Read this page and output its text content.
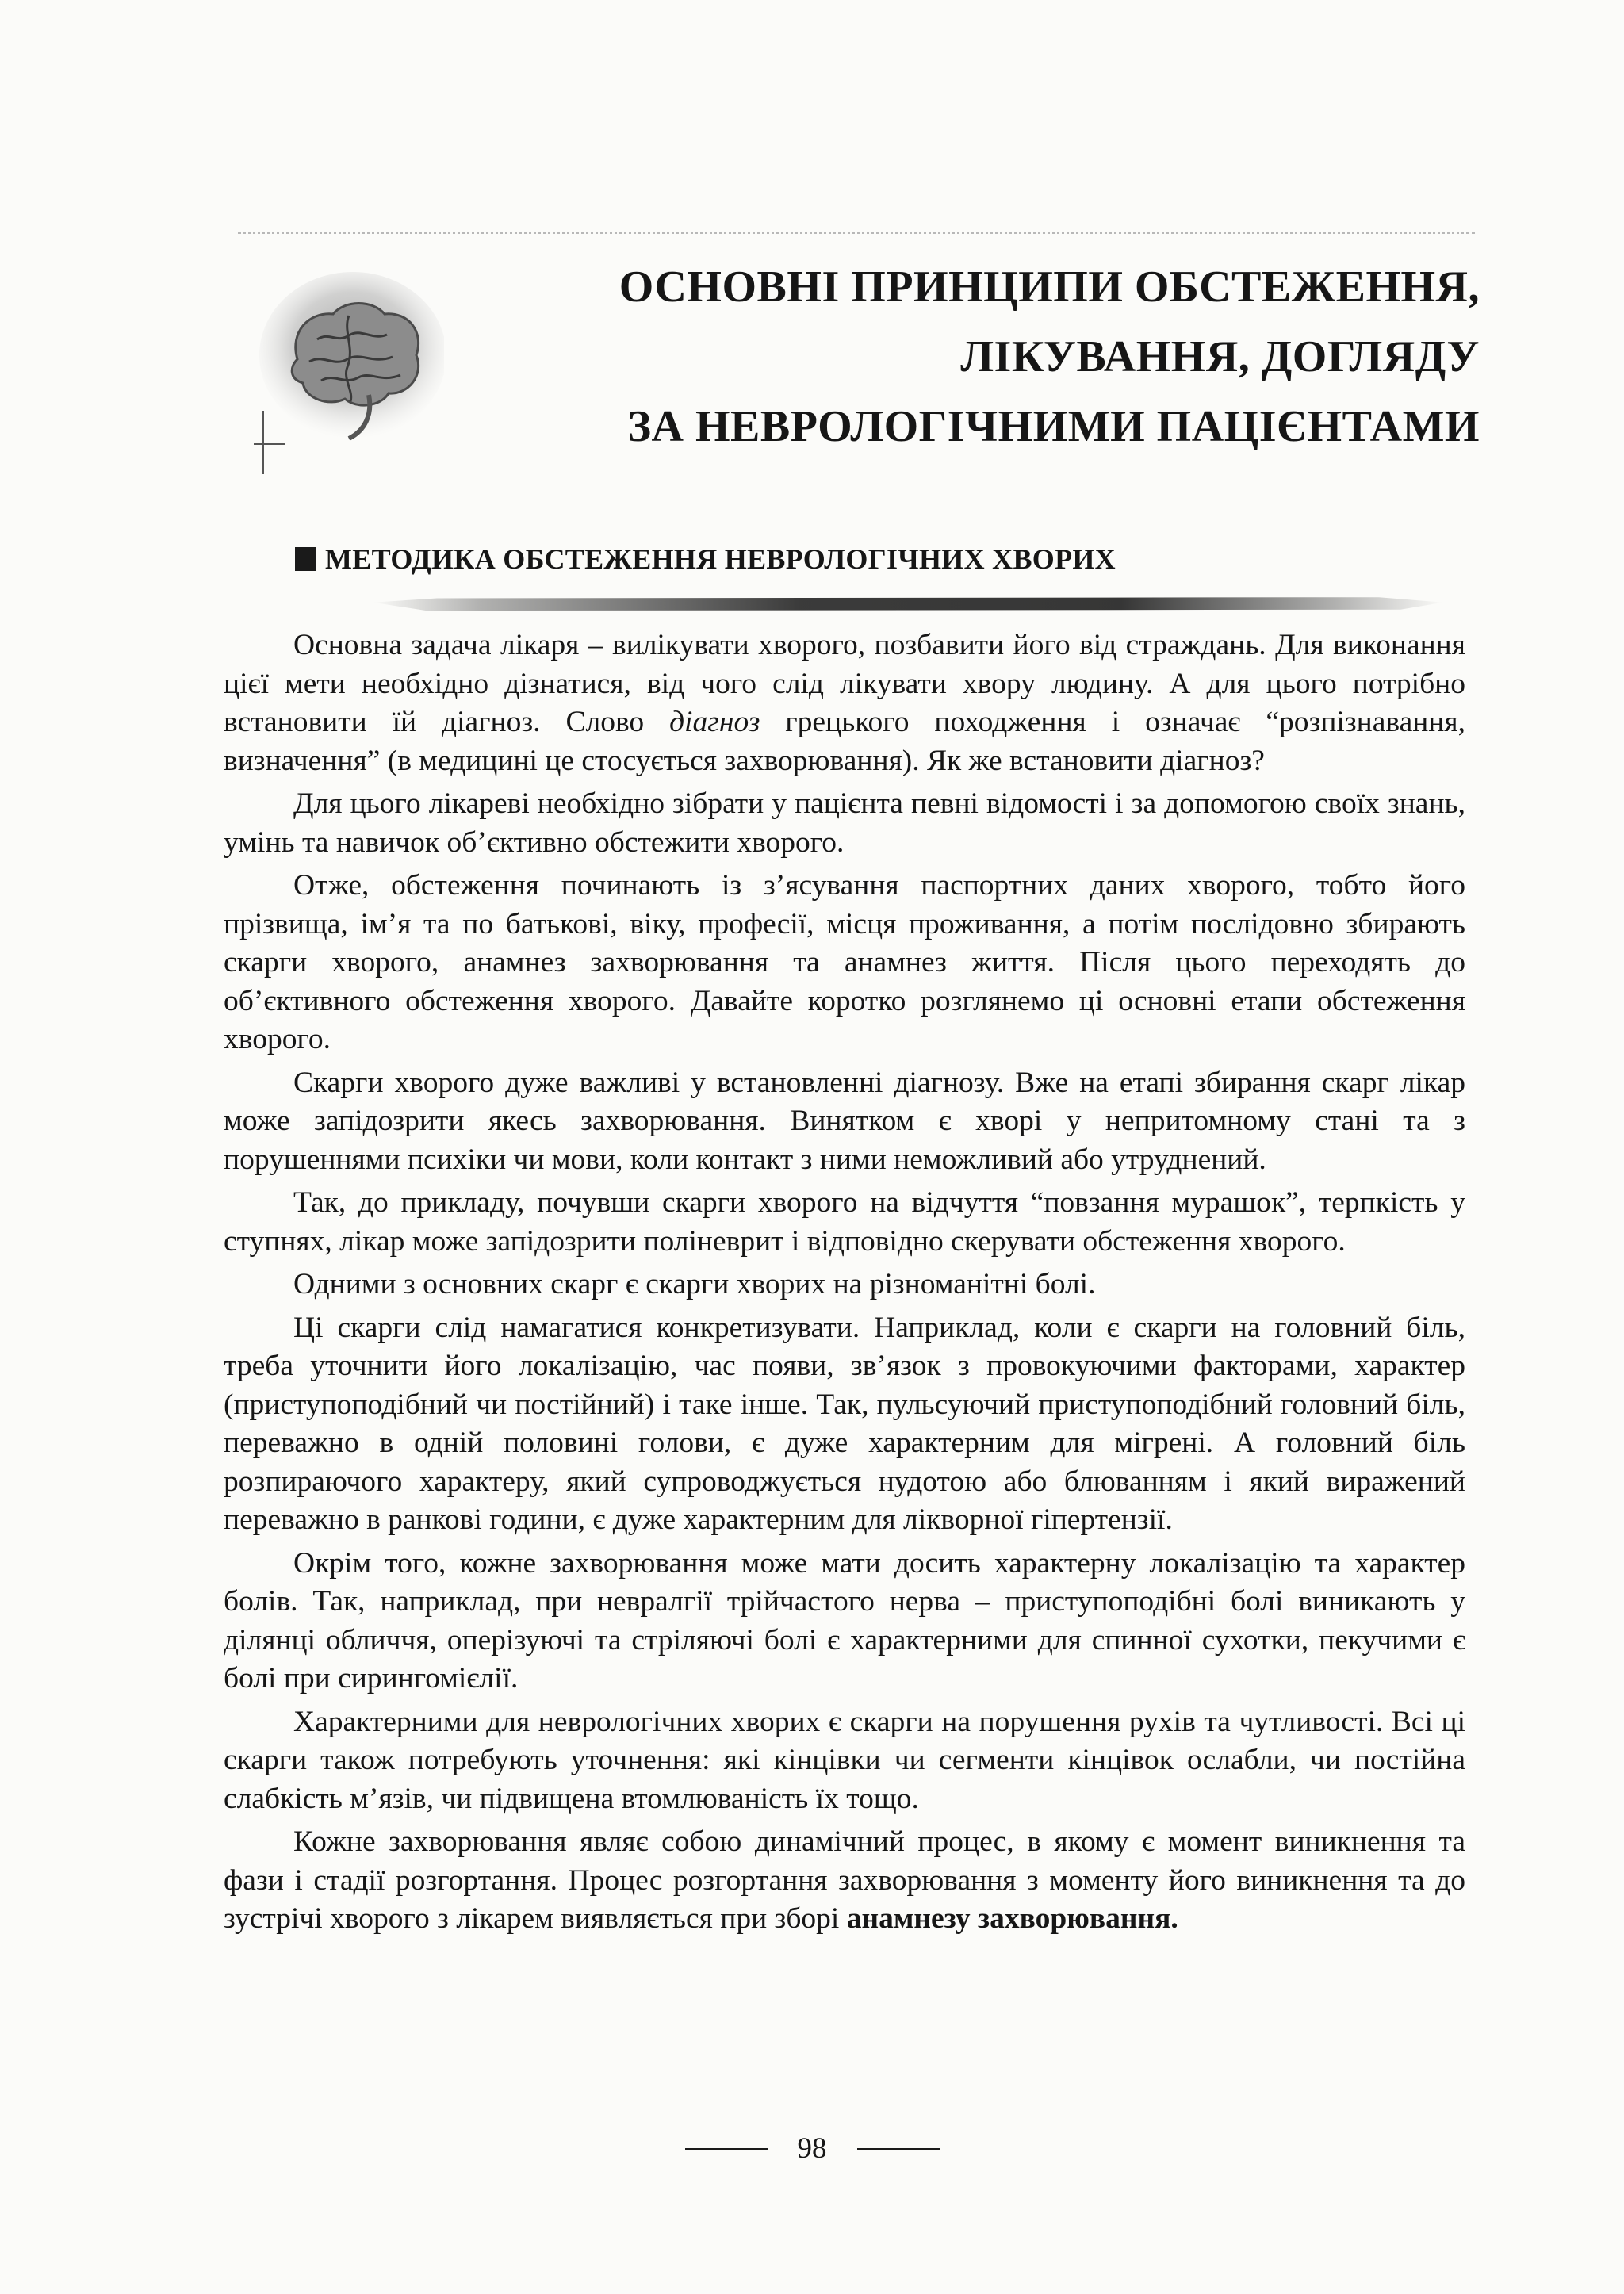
ОСНОВНІ ПРИНЦИПИ ОБСТЕЖЕННЯ,
ЛІКУВАННЯ, ДОГЛЯДУ
ЗА НЕВРОЛОГІЧНИМИ ПАЦІЄНТАМИ
МЕТОДИКА ОБСТЕЖЕННЯ НЕВРОЛОГІЧНИХ ХВОРИХ

Основна задача лікаря – вилікувати хворого, позбавити його від страждань. Для виконання цієї мети необхідно дізнатися, від чого слід лікувати хвору людину. А для цього потрібно встановити їй діагноз. Слово діагноз грецького походження і означає “розпізнавання, визначення” (в медицині це стосується захворювання). Як же встановити діагноз?

Для цього лікареві необхідно зібрати у пацієнта певні відомості і за допомогою своїх знань, умінь та навичок об’єктивно обстежити хворого.

Отже, обстеження починають із з’ясування паспортних даних хворого, тобто його прізвища, ім’я та по батькові, віку, професії, місця проживання, а потім послідовно збирають скарги хворого, анамнез захворювання та анамнез життя. Після цього переходять до об’єктивного обстеження хворого. Давайте коротко розглянемо ці основні етапи обстеження хворого.

Скарги хворого дуже важливі у встановленні діагнозу. Вже на етапі збирання скарг лікар може запідозрити якесь захворювання. Винятком є хворі у непритомному стані та з порушеннями психіки чи мови, коли контакт з ними неможливий або утруднений.

Так, до прикладу, почувши скарги хворого на відчуття “повзання мурашок”, терпкість у ступнях, лікар може запідозрити поліневрит і відповідно скерувати обстеження хворого.

Одними з основних скарг є скарги хворих на різноманітні болі.

Ці скарги слід намагатися конкретизувати. Наприклад, коли є скарги на головний біль, треба уточнити його локалізацію, час появи, зв’язок з провокуючими факторами, характер (приступоподібний чи постійний) і таке інше. Так, пульсуючий приступоподібний головний біль, переважно в одній половині голови, є дуже характерним для мігрені. А головний біль розпираючого характеру, який супроводжується нудотою або блюванням і який виражений переважно в ранкові години, є дуже характерним для лікворної гіпертензії.

Окрім того, кожне захворювання може мати досить характерну локалізацію та характер болів. Так, наприклад, при невралгії трійчастого нерва – приступоподібні болі виникають у ділянці обличчя, оперізуючі та стріляючі болі є характерними для спинної сухотки, пекучими є болі при сирингомієлії.

Характерними для неврологічних хворих є скарги на порушення рухів та чутливості. Всі ці скарги також потребують уточнення: які кінцівки чи сегменти кінцівок ослабли, чи постійна слабкість м’язів, чи підвищена втомлюваність їх тощо.

Кожне захворювання являє собою динамічний процес, в якому є момент виникнення та фази і стадії розгортання. Процес розгортання захворювання з моменту його виникнення та до зустрічі хворого з лікарем виявляється при зборі анамнезу захворювання.

98
